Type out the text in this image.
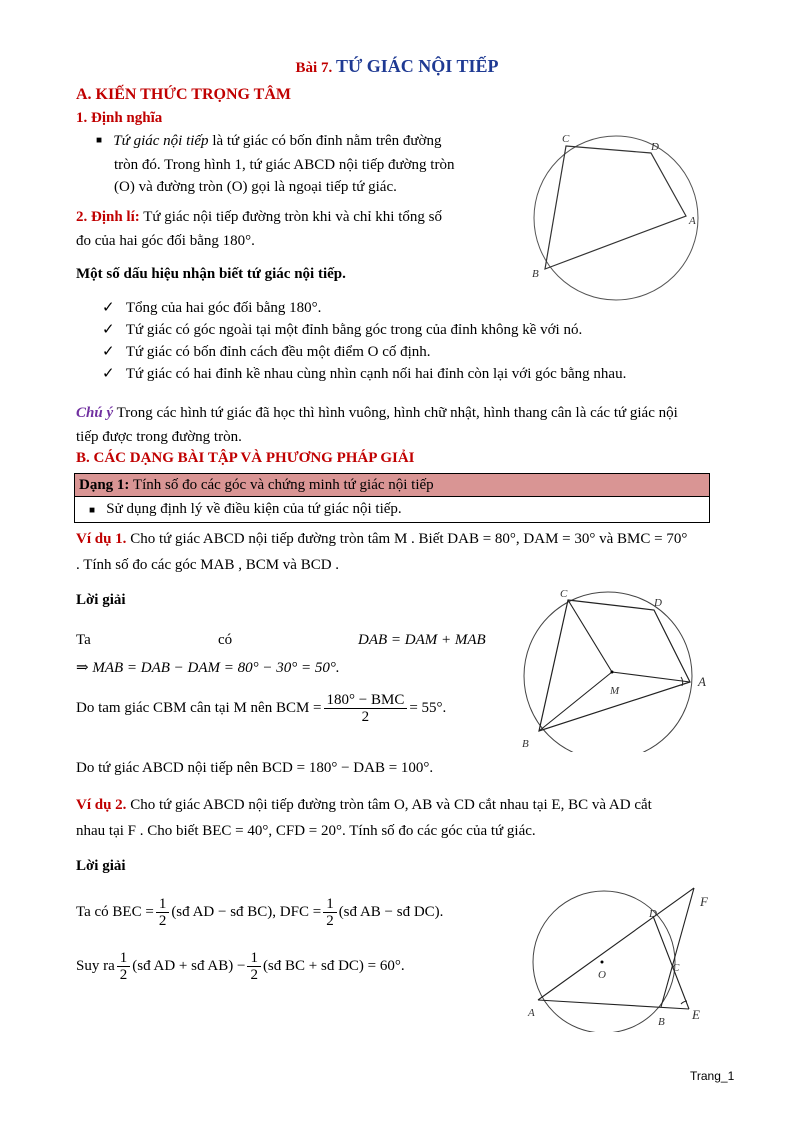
Bài 7. TỨ GIÁC NỘI TIẾP
A. KIẾN THỨC TRỌNG TÂM
1. Định nghĩa
■ Tứ giác nội tiếp là tứ giác có bốn đỉnh nằm trên đường
tròn đó. Trong hình 1, tứ giác ABCD nội tiếp đường tròn
(O) và đường tròn (O) gọi là ngoại tiếp tứ giác.
2. Định lí: Tứ giác nội tiếp đường tròn khi và chỉ khi tổng số
đo của hai góc đối bằng 180°.
Một số dấu hiệu nhận biết tứ giác nội tiếp.
✓   Tổng của hai góc đối bằng 180°.
✓   Tứ giác có góc ngoài tại một đỉnh bằng góc trong của đỉnh không kề với nó.
✓   Tứ giác có bốn đỉnh cách đều một điểm O cố định.
✓   Tứ giác có hai đỉnh kề nhau cùng nhìn cạnh nối hai đỉnh còn lại với góc bằng nhau.
Chú ý Trong các hình tứ giác đã học thì hình vuông, hình chữ nhật, hình thang cân là các tứ giác nội
tiếp được trong đường tròn.
B. CÁC DẠNG BÀI TẬP VÀ PHƯƠNG PHÁP GIẢI
Dạng 1: Tính số đo các góc và chứng minh tứ giác nội tiếp
■ Sử dụng định lý về điều kiện của tứ giác nội tiếp.
Ví dụ 1. Cho tứ giác ABCD nội tiếp đường tròn tâm M . Biết DAB = 80°, DAM = 30° và BMC = 70°
. Tính số đo các góc MAB , BCM và BCD .
Lời giải
Ta	có	DAB = DAM + MAB
⇒ MAB = DAB − DAM = 80° − 30° = 50°.
Do tam giác CBM cân tại M nên BCM = $\frac{\text{180° − BMC}}{2} = 55^\circ$.
Do tứ giác ABCD nội tiếp nên BCD = 180° − DAB = 100°.
Ví dụ 2. Cho tứ giác ABCD nội tiếp đường tròn tâm O, AB và CD cắt nhau tại E, BC và AD cắt
nhau tại F . Cho biết BEC = 40°, CFD = 20°. Tính số đo các góc của tứ giác.
Lời giải
Ta có BEC = $\frac{1}{2}$ (sđ AD − sđ BC), DFC = $\frac{1}{2}$ (sđ AB − sđ DC).
Suy ra $\frac{1}{2}$ (sđ AD + sđ $AB) - \frac{1}{2}$ (sđ BC + sđ DC) = 60°.
C
D
A
B
C
D
A
M
B
F
D
C
O
A
B E
Trang_1
